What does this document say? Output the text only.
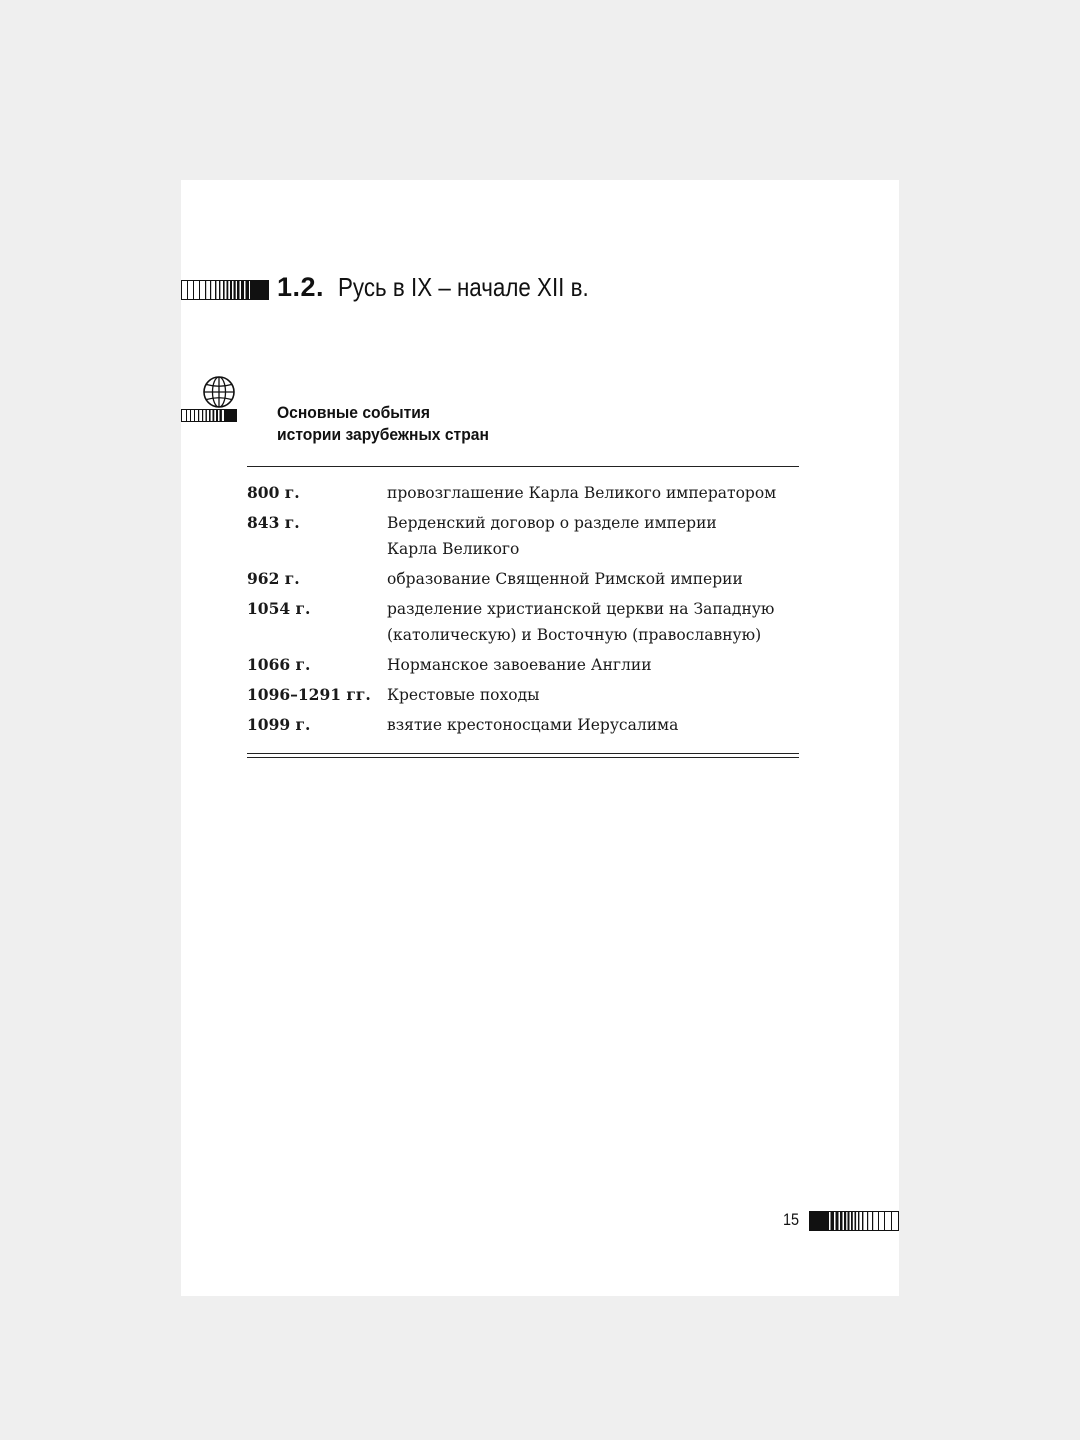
1.2. Русь в IX – начале XII в.
Основные события
истории зарубежных стран
800 г.	провозглашение Карла Великого императором
843 г.	Верденский договор о разделе империи
Карла Великого
962 г.	образование Священной Римской империи
1054 г.	разделение христианской церкви на Западную
(католическую) и Восточную (православную)
1066 г.	Норманское завоевание Англии
1096–1291 гг.	Крестовые походы
1099 г.	взятие крестоносцами Иерусалима
15
